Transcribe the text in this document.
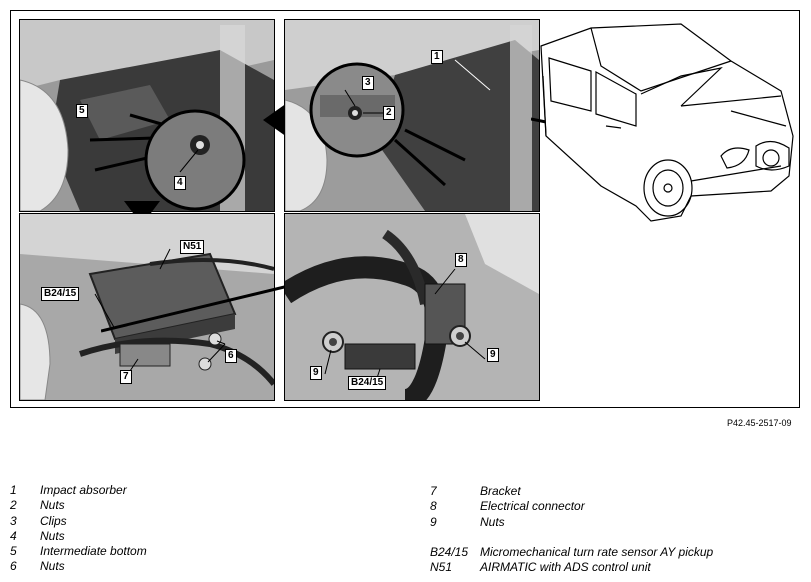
5
4
1
3
2
N51
B24/15
6
7
8
9
9
B24/15
P42.45-2517-09
1	Impact absorber
2	Nuts
3	Clips
4	Nuts
5	Intermediate bottom
6	Nuts
7	Bracket
8	Electrical connector
9	Nuts
B24/15 Micromechanical turn rate sensor AY pickup
N51	AIRMATIC with ADS control unit
